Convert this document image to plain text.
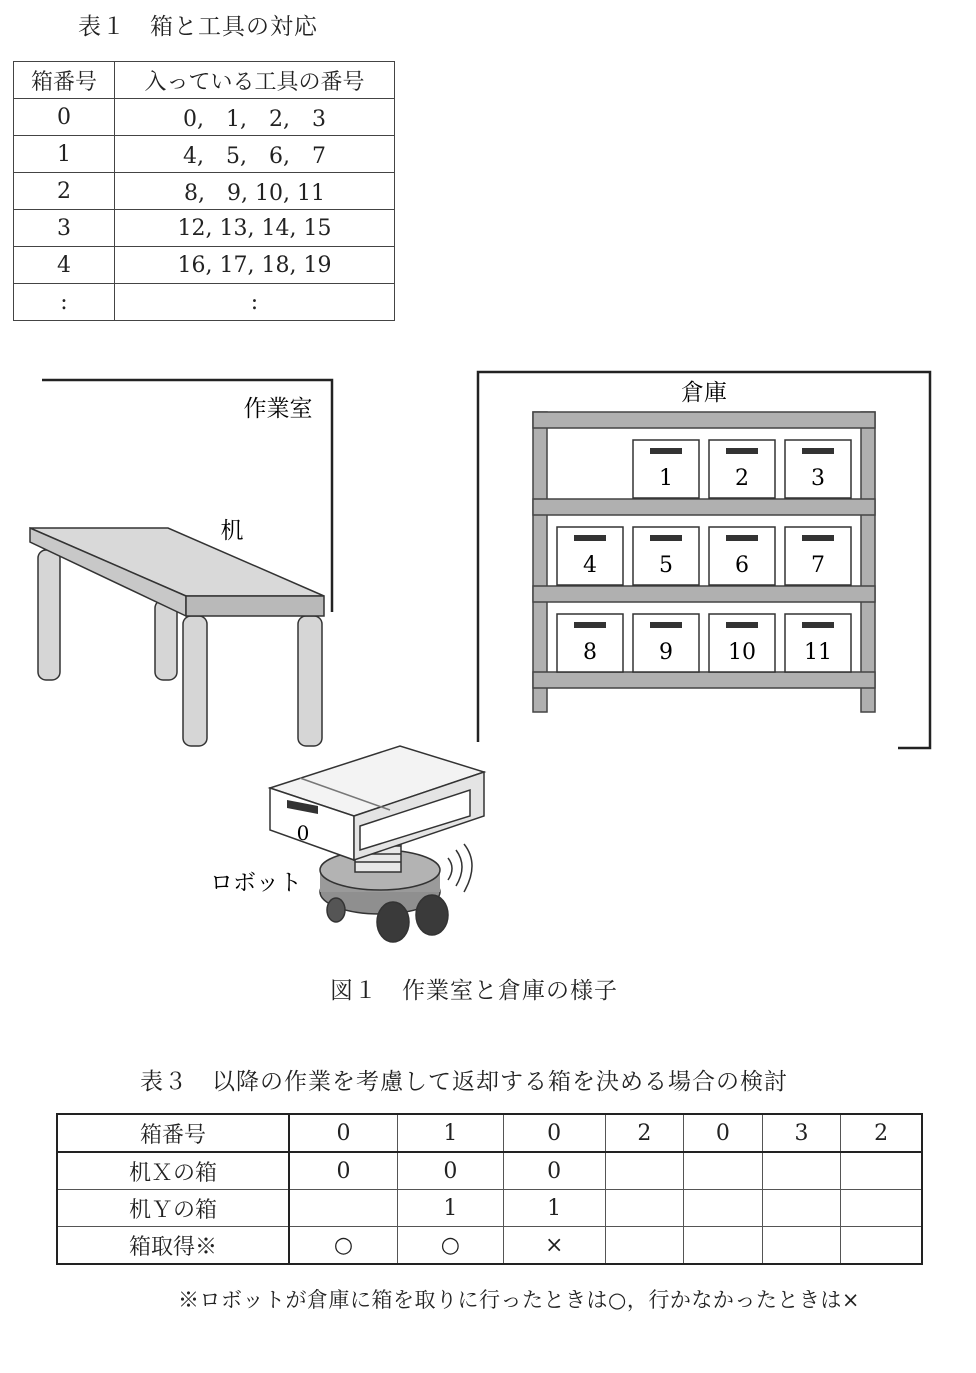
表１　箱と工具の対応
箱番号	入っている工具の番号
0	0,　1,　2,　3
1	4,　5,　6,　7
2	8,　9, 10, 11
3	12, 13, 14, 15
4	16, 17, 18, 19
:	:
作業室
机
倉庫
1	2	3
4	5	6	7
8	9	10 11
0
ロボット
図１　作業室と倉庫の様子
表３　以降の作業を考慮して返却する箱を決める場合の検討
箱番号	0	1	0	2	0	3	2
机Ｘの箱	0	0	0				
机Ｙの箱		1	1				
箱取得※	○	○	×				
※ロボットが倉庫に箱を取りに行ったときは○，行かなかったときは×
